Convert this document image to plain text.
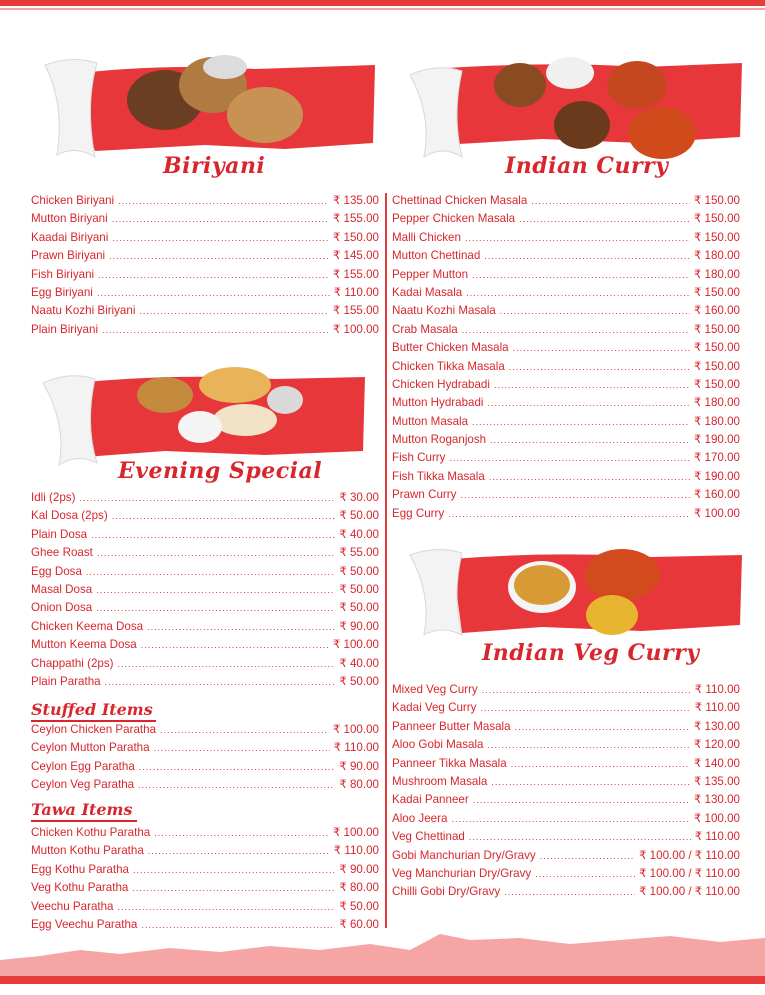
Biriyani	Indian Curry
Evening Special
Indian Veg Curry
Chicken Biriyani .....	₹ 135.00
Mutton Biriyani .....	₹ 155.00
Kaadai Biriyani .....	₹ 150.00
Prawn Biriyani .....	₹ 145.00
Fish Biriyani .....	₹ 155.00
Egg Biriyani .....	₹ 110.00
Naatu Kozhi Biriyani .....	₹ 155.00
Plain Biriyani .....	₹ 100.00
Idli (2ps) .....	₹ 30.00
Kal Dosa (2ps) .....	₹ 50.00
Plain Dosa .....	₹ 40.00
Ghee Roast .....	₹ 55.00
Egg Dosa .....	₹ 50.00
Masal Dosa .....	₹ 50.00
Onion Dosa .....	₹ 50.00
Chicken Keema Dosa .....	₹ 90.00
Mutton Keema Dosa .....	₹ 100.00
Chappathi (2ps) .....	₹ 40.00
Plain Paratha .....	₹ 50.00
Stuffed Items
Ceylon Chicken Paratha .....	₹ 100.00
Ceylon Mutton Paratha .....	₹ 110.00
Ceylon Egg Paratha .....	₹ 90.00
Ceylon Veg Paratha .....	₹ 80.00
Tawa Items
Chicken Kothu Paratha .....	₹ 100.00
Mutton Kothu Paratha .....	₹ 110.00
Egg Kothu Paratha .....	₹ 90.00
Veg Kothu Paratha .....	₹ 80.00
Veechu Paratha .....	₹ 50.00
Egg Veechu Paratha .....	₹ 60.00
Chettinad Chicken Masala .....	₹ 150.00
Pepper Chicken Masala .....	₹ 150.00
Malli Chicken .....	₹ 150.00
Mutton Chettinad .....	₹ 180.00
Pepper Mutton .....	₹ 180.00
Kadai Masala .....	₹ 150.00
Naatu Kozhi Masala .....	₹ 160.00
Crab Masala .....	₹ 150.00
Butter Chicken Masala .....	₹ 150.00
Chicken Tikka Masala .....	₹ 150.00
Chicken Hydrabadi .....	₹ 150.00
Mutton Hydrabadi .....	₹ 180.00
Mutton Masala .....	₹ 180.00
Mutton Roganjosh .....	₹ 190.00
Fish Curry .....	₹ 170.00
Fish Tikka Masala .....	₹ 190.00
Prawn Curry .....	₹ 160.00
Egg Curry .....	₹ 100.00
Mixed Veg Curry .....	₹ 110.00
Kadai Veg Curry .....	₹ 110.00
Panneer Butter Masala .....	₹ 130.00
Aloo Gobi Masala .....	₹ 120.00
Panneer Tikka Masala .....	₹ 140.00
Mushroom Masala .....	₹ 135.00
Kadai Panneer .....	₹ 130.00
Aloo Jeera .....	₹ 100.00
Veg Chettinad .....	₹ 110.00
Gobi Manchurian Dry/Gravy .....	₹ 100.00 / ₹ 110.00
Veg Manchurian Dry/Gravy .....	₹ 100.00 / ₹ 110.00
Chilli Gobi Dry/Gravy .....	₹ 100.00 / ₹ 110.00
